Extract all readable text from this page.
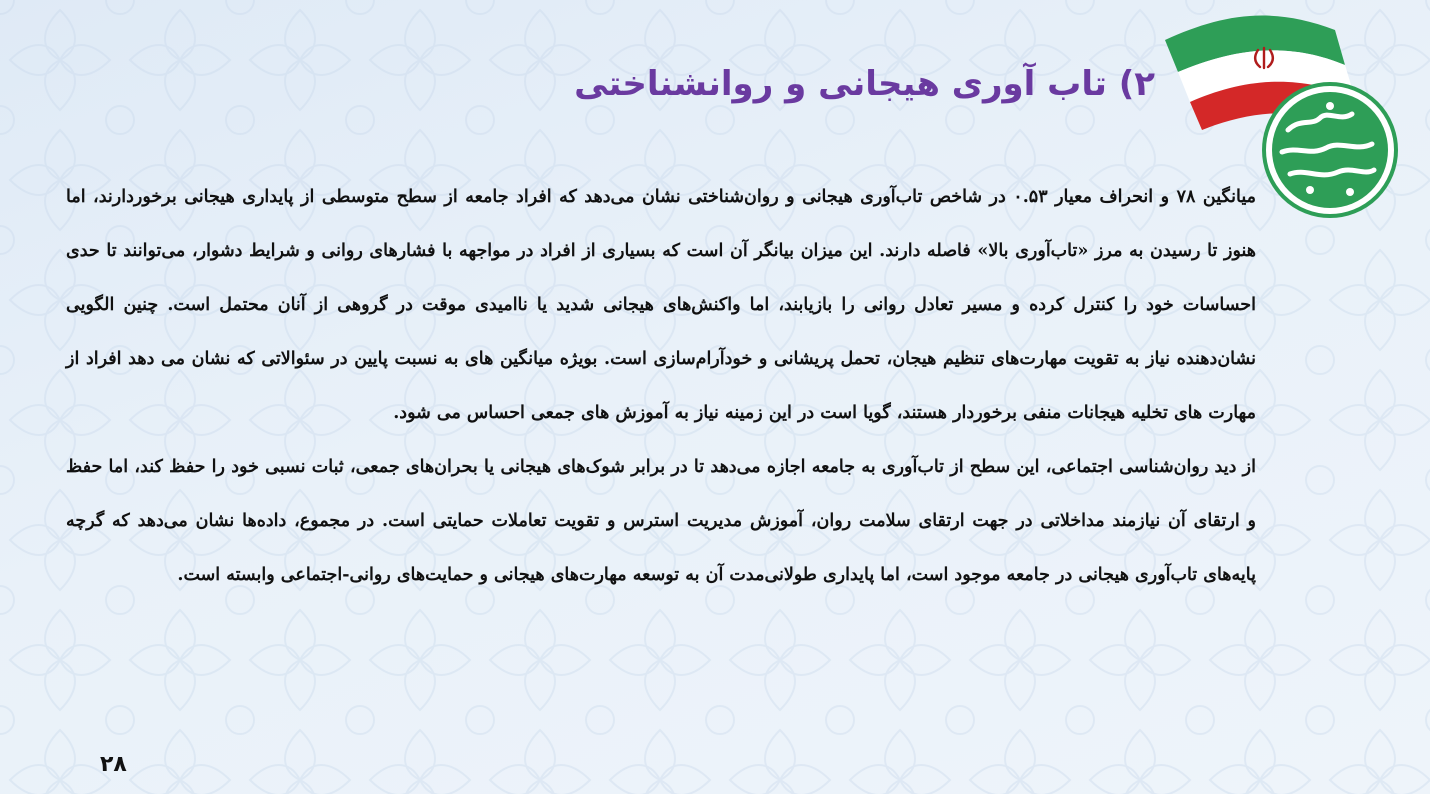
۲) تاب آوری هیجانی و روانشناختی

میانگین ۷۸ و انحراف معیار ۰.۵۳ در شاخص تاب‌آوری هیجانی و روان‌شناختی نشان می‌دهد که افراد جامعه از سطح متوسطی از پایداری هیجانی برخوردارند، اما هنوز تا رسیدن به مرز «تاب‌آوری بالا» فاصله دارند. این میزان بیانگر آن است که بسیاری از افراد در مواجهه با فشارهای روانی و شرایط دشوار، می‌توانند تا حدی احساسات خود را کنترل کرده و مسیر تعادل روانی را بازیابند، اما واکنش‌های هیجانی شدید یا ناامیدی موقت در گروهی از آنان محتمل است. چنین الگویی نشان‌دهنده نیاز به تقویت مهارت‌های تنظیم هیجان، تحمل پریشانی و خودآرام‌سازی است. بویژه میانگین های به نسبت پایین در سئوالاتی که نشان می دهد افراد از مهارت های تخلیه هیجانات منفی برخوردار هستند، گویا است در این زمینه نیاز به آموزش های جمعی احساس می شود.

از دید روان‌شناسی اجتماعی، این سطح از تاب‌آوری به جامعه اجازه می‌دهد تا در برابر شوک‌های هیجانی یا بحران‌های جمعی، ثبات نسبی خود را حفظ کند، اما حفظ و ارتقای آن نیازمند مداخلاتی در جهت ارتقای سلامت روان، آموزش مدیریت استرس و تقویت تعاملات حمایتی است. در مجموع، داده‌ها نشان می‌دهد که گرچه پایه‌های تاب‌آوری هیجانی در جامعه موجود است، اما پایداری طولانی‌مدت آن به توسعه مهارت‌های هیجانی و حمایت‌های روانی-اجتماعی وابسته است.

۲۸
